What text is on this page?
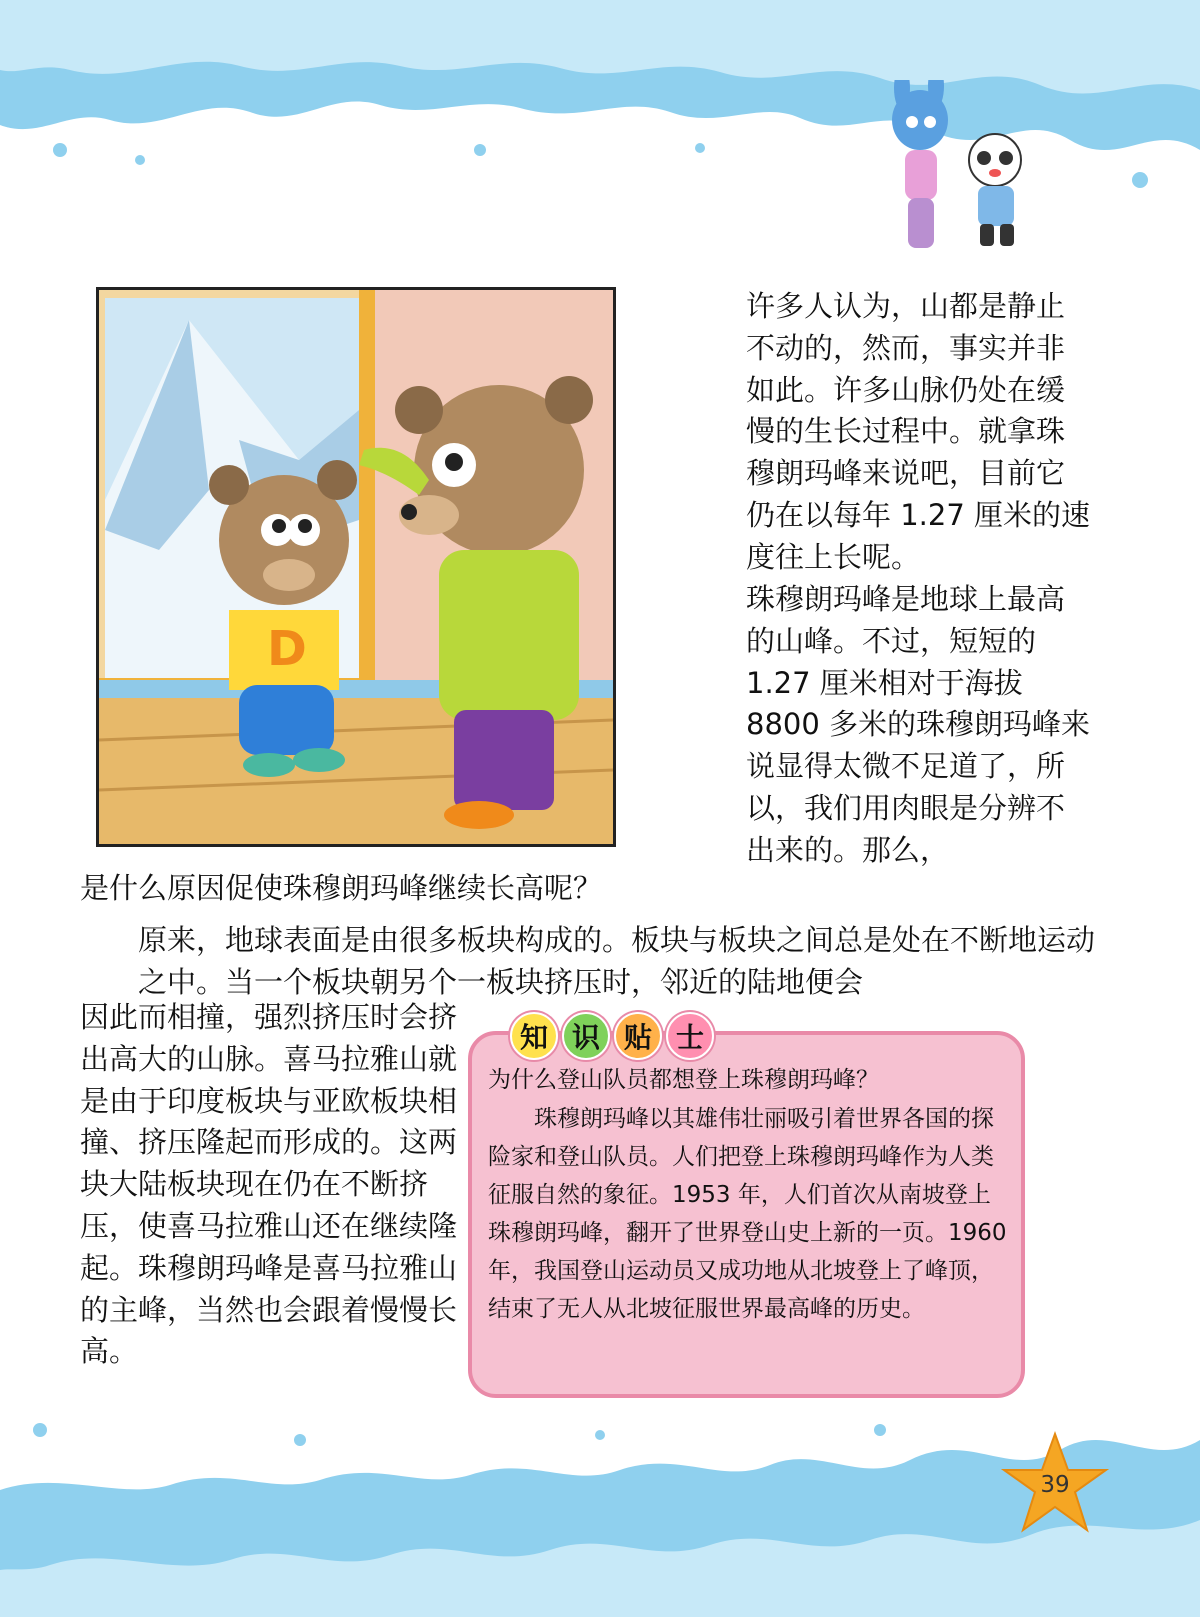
D

许多人认为，山都是静止不动的，然而，事实并非如此。许多山脉仍处在缓慢的生长过程中。就拿珠穆朗玛峰来说吧，目前它仍在以每年 1.27 厘米的速度往上长呢。

珠穆朗玛峰是地球上最高的山峰。不过，短短的 1.27 厘米相对于海拔 8800 多米的珠穆朗玛峰来说显得太微不足道了，所以，我们用肉眼是分辨不出来的。那么，

是什么原因促使珠穆朗玛峰继续长高呢？

原来，地球表面是由很多板块构成的。板块与板块之间总是处在不断地运动之中。当一个板块朝另个一板块挤压时，邻近的陆地便会

因此而相撞，强烈挤压时会挤出高大的山脉。喜马拉雅山就是由于印度板块与亚欧板块相撞、挤压隆起而形成的。这两块大陆板块现在仍在不断挤压，使喜马拉雅山还在继续隆起。珠穆朗玛峰是喜马拉雅山的主峰，当然也会跟着慢慢长高。

知 识 贴 士

为什么登山队员都想登上珠穆朗玛峰？

珠穆朗玛峰以其雄伟壮丽吸引着世界各国的探险家和登山队员。人们把登上珠穆朗玛峰作为人类征服自然的象征。1953 年，人们首次从南坡登上珠穆朗玛峰，翻开了世界登山史上新的一页。1960 年，我国登山运动员又成功地从北坡登上了峰顶，结束了无人从北坡征服世界最高峰的历史。

39
